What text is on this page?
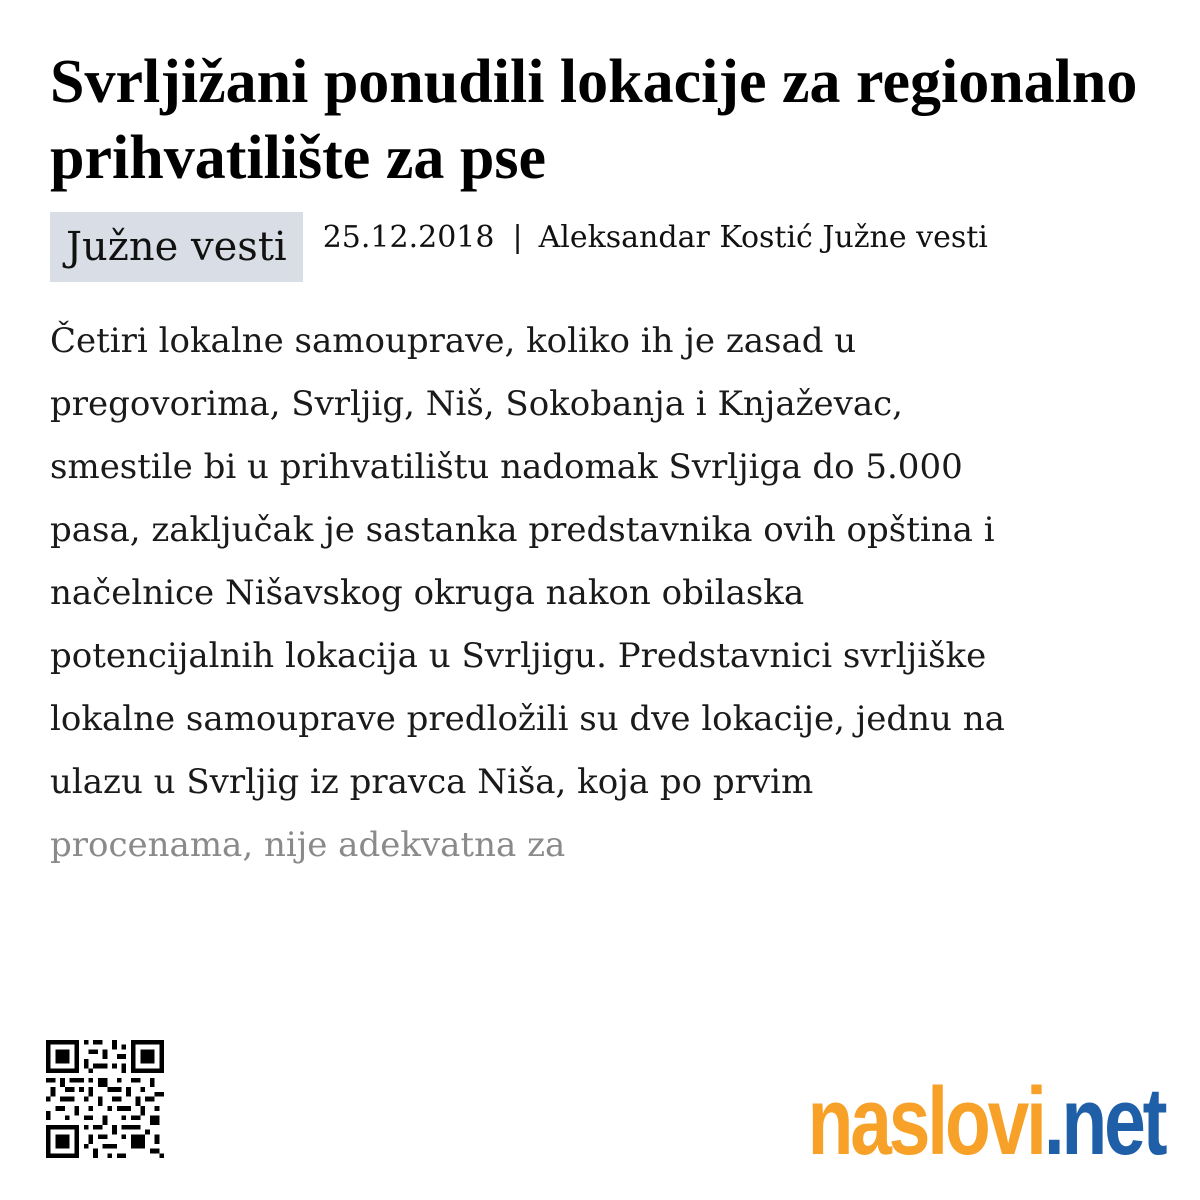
Svrljižani ponudili lokacije za regionalno prihvatilište za pse
Južne vesti	25.12.2018 | Aleksandar Kostić Južne vesti

Četiri lokalne samouprave, koliko ih je zasad u
pregovorima, Svrljig, Niš, Sokobanja i Knjaževac,
smestile bi u prihvatilištu nadomak Svrljiga do 5.000
pasa, zaključak je sastanka predstavnika ovih opština i
načelnice Nišavskog okruga nakon obilaska
potencijalnih lokacija u Svrljigu. Predstavnici svrljiške
lokalne samouprave predložili su dve lokacije, jednu na
ulazu u Svrljig iz pravca Niša, koja po prvim
procenama, nije adekvatna za

naslovi .net
